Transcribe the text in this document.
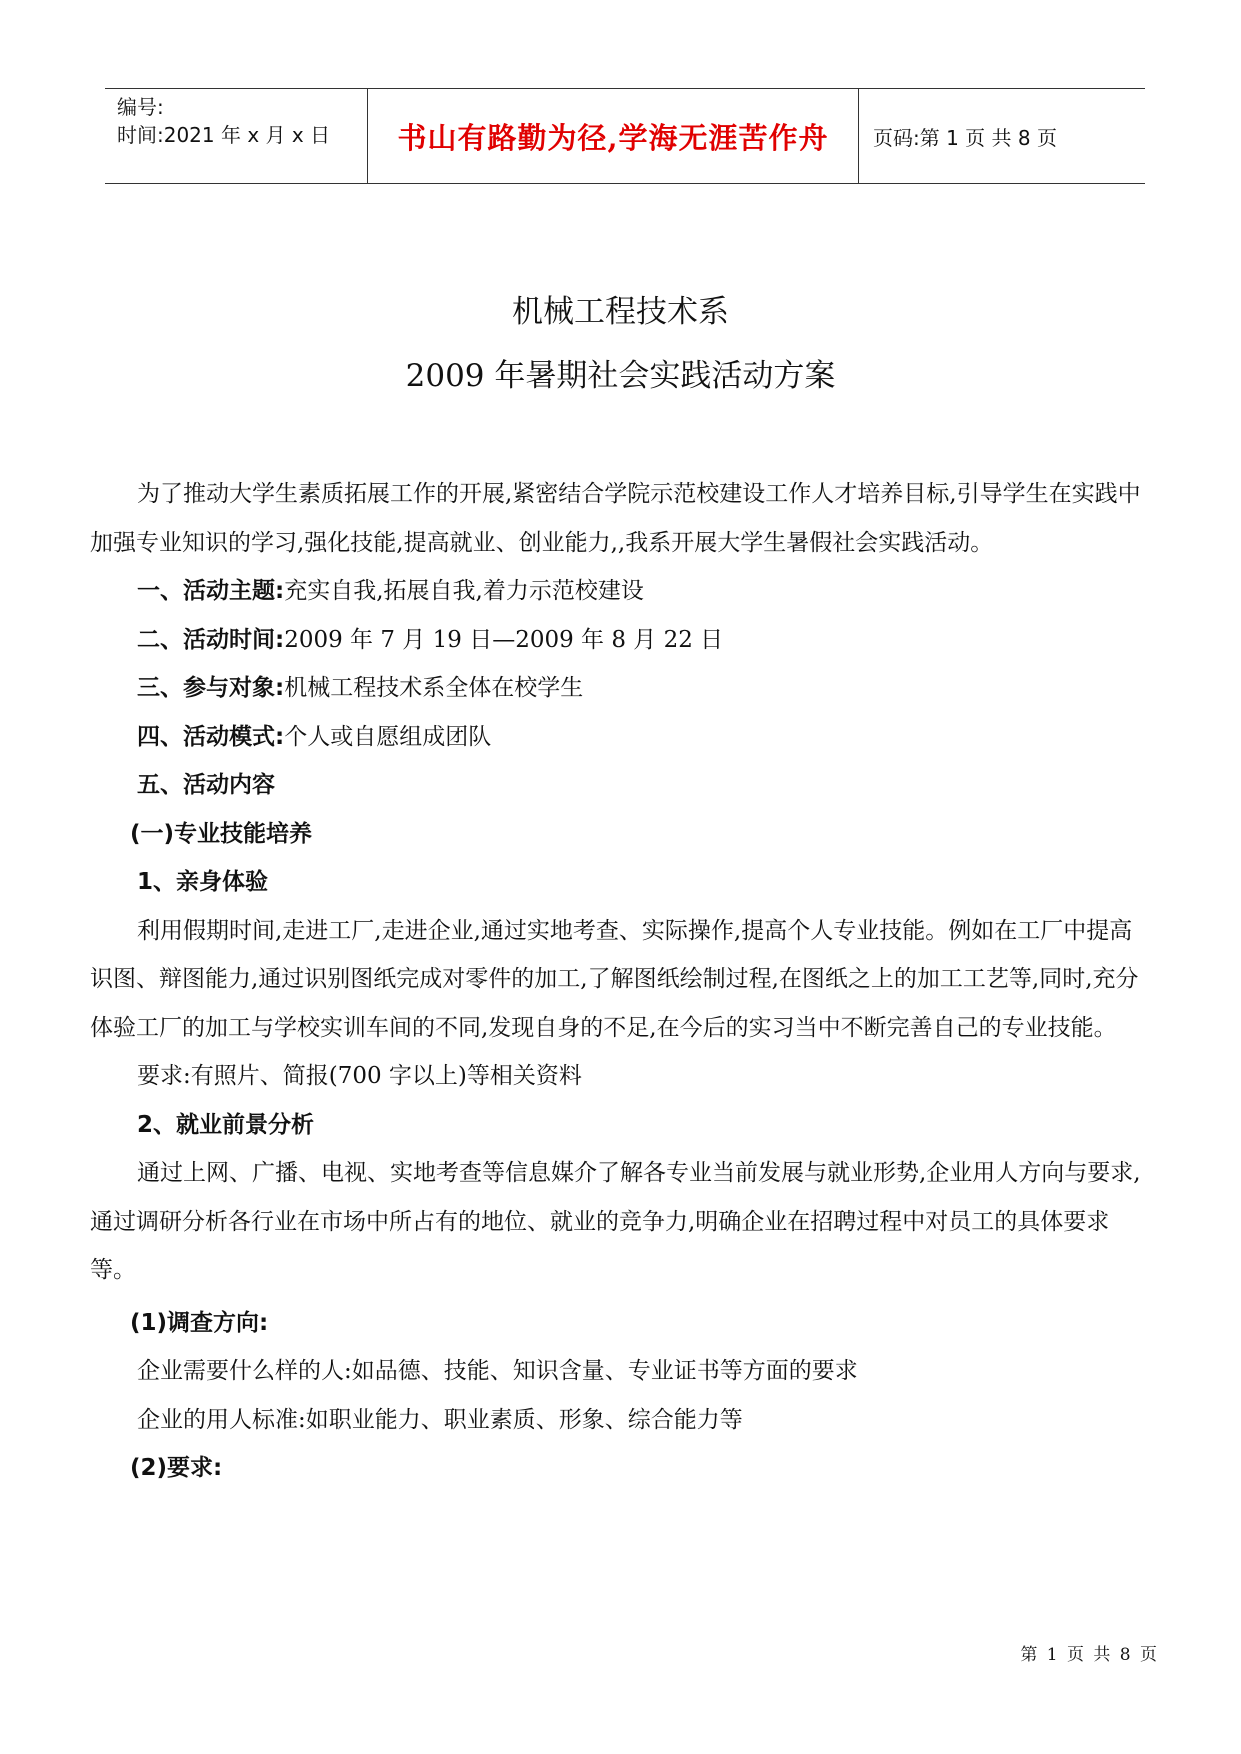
编号:
时间:2021 年 x 月 x 日	书山有路勤为径,学海无涯苦作舟	页码:第 1 页 共 8 页
机械工程技术系
2009 年暑期社会实践活动方案

为了推动大学生素质拓展工作的开展,紧密结合学院示范校建设工作人才培养目标,引导学生在实践中加强专业知识的学习,强化技能,提高就业、创业能力,,我系开展大学生暑假社会实践活动。

一、活动主题:充实自我,拓展自我,着力示范校建设

二、活动时间:2009 年 7 月 19 日—2009 年 8 月 22 日

三、参与对象:机械工程技术系全体在校学生

四、活动模式:个人或自愿组成团队

五、活动内容

(一)专业技能培养

1、亲身体验

利用假期时间,走进工厂,走进企业,通过实地考查、实际操作,提高个人专业技能。例如在工厂中提高识图、辩图能力,通过识别图纸完成对零件的加工,了解图纸绘制过程,在图纸之上的加工工艺等,同时,充分体验工厂的加工与学校实训车间的不同,发现自身的不足,在今后的实习当中不断完善自己的专业技能。

要求:有照片、简报(700 字以上)等相关资料

2、就业前景分析

通过上网、广播、电视、实地考查等信息媒介了解各专业当前发展与就业形势,企业用人方向与要求,通过调研分析各行业在市场中所占有的地位、就业的竞争力,明确企业在招聘过程中对员工的具体要求等。

(1)调查方向:

企业需要什么样的人:如品德、技能、知识含量、专业证书等方面的要求

企业的用人标准:如职业能力、职业素质、形象、综合能力等

(2)要求:

第 1 页 共 8 页
